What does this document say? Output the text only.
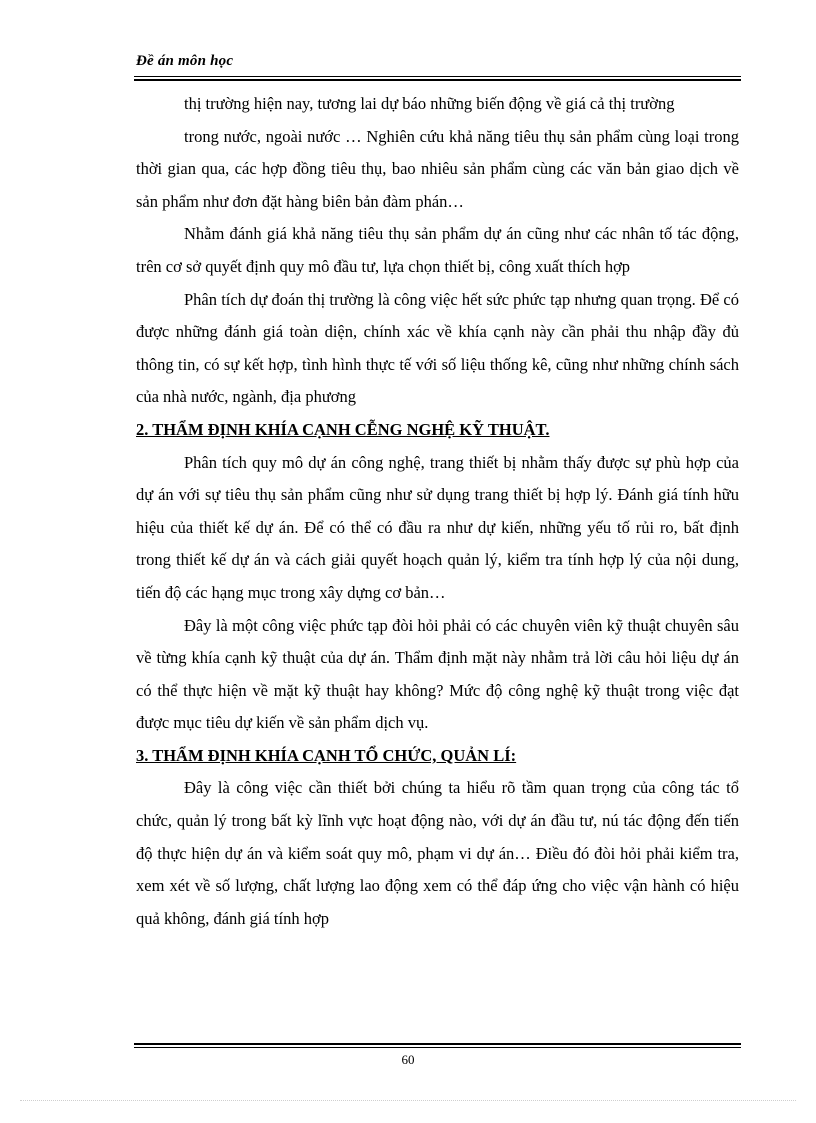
Đề án môn học

thị trường hiện nay, tương lai dự báo những biến động về giá cả thị trường

trong nước, ngoài nước … Nghiên cứu khả năng tiêu thụ sản phẩm cùng loại trong thời gian qua, các hợp đồng tiêu thụ, bao nhiêu sản phẩm cùng các văn bản giao dịch về sản phẩm như đơn đặt hàng biên bản đàm phán…

Nhằm đánh giá khả năng tiêu thụ sản phẩm dự án cũng như các nhân tố tác động, trên cơ sở quyết định quy mô đầu tư, lựa chọn thiết bị, công xuất thích hợp

Phân tích dự đoán thị trường là công việc hết sức phức tạp nhưng quan trọng. Để có được những đánh giá toàn diện, chính xác về khía cạnh này cần phải thu nhập đầy đủ thông tin, có sự kết hợp, tình hình thực tế với số liệu thống kê, cũng như những chính sách của nhà nước, ngành, địa phương

2. THẨM ĐỊNH KHÍA CẠNH CỄNG NGHỆ KỸ THUẬT.

Phân tích quy mô dự án công nghệ, trang thiết bị nhằm thấy được sự phù hợp của dự án với sự tiêu thụ sản phẩm cũng như sử dụng trang thiết bị hợp lý. Đánh giá tính hữu hiệu của thiết kế dự án. Để có thể có đầu ra như dự kiến, những yếu tố rủi ro, bất định trong thiết kế dự án và cách giải quyết hoạch quản lý, kiểm tra tính hợp lý của nội dung, tiến độ các hạng mục trong xây dựng cơ bản…

Đây là một công việc phức tạp đòi hỏi phải có các chuyên viên kỹ thuật chuyên sâu về từng khía cạnh kỹ thuật của dự án. Thẩm định mặt này nhằm trả lời câu hỏi liệu dự án có thể thực hiện về mặt kỹ thuật hay không? Mức độ công nghệ kỹ thuật trong việc đạt được mục tiêu dự kiến về sản phẩm dịch vụ.

3. THẨM ĐỊNH KHÍA CẠNH TỔ CHỨC, QUẢN LÍ:

Đây là công việc cần thiết bởi chúng ta hiểu rõ tầm quan trọng của công tác tổ chức, quản lý trong bất kỳ lĩnh vực hoạt động nào, với dự án đầu tư, nú tác động đến tiến độ thực hiện dự án và kiểm soát quy mô, phạm vi dự án… Điều đó đòi hỏi phải kiểm tra, xem xét về số lượng, chất lượng lao động xem có thể đáp ứng cho việc vận hành có hiệu quả không, đánh giá tính hợp

60
